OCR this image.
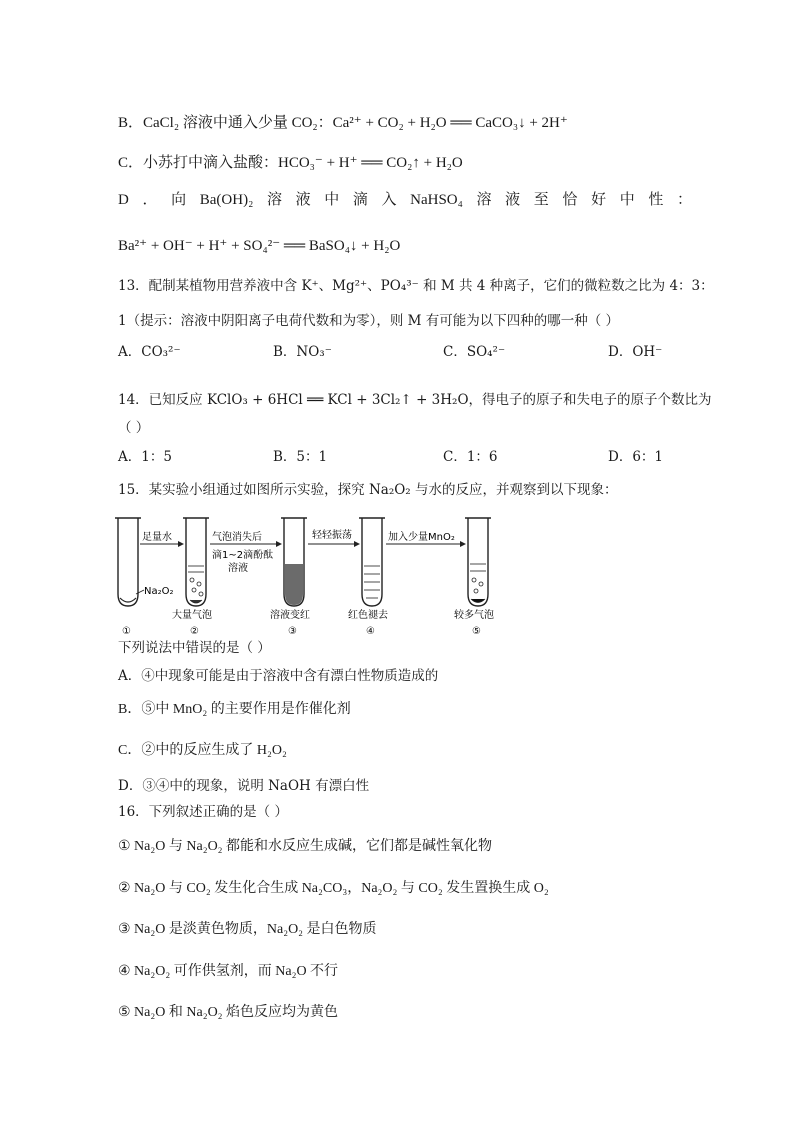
B．CaCl₂ 溶液中通入少量 CO₂：Ca²⁺ + CO₂ + H₂O ══ CaCO₃↓ + 2H⁺
C．小苏打中滴入盐酸：HCO₃⁻ + H⁺ ══ CO₂↑ + H₂O
D ． 向 Ba(OH)₂ 溶 液 中 滴 入 NaHSO₄ 溶 液 至 恰 好 中 性 ：
Ba²⁺ + OH⁻ + H⁺ + SO₄²⁻ ══ BaSO₄↓ + H₂O
13．配制某植物用营养液中含 K⁺、Mg²⁺、PO₄³⁻ 和 M 共 4 种离子，它们的微粒数之比为 4：3：
1（提示：溶液中阴阳离子电荷代数和为零），则 M 有可能为以下四种的哪一种（ ）
A．CO₃²⁻	B．NO₃⁻	C．SO₄²⁻	D．OH⁻
14．已知反应 KClO₃ + 6HCl ══ KCl + 3Cl₂↑ + 3H₂O，得电子的原子和失电子的原子个数比为
（ ）
A．1：5	B．5：1	C．1：6	D．6：1
15．某实验小组通过如图所示实验，探究 Na₂O₂ 与水的反应，并观察到以下现象：
Na₂O₂
足量水	气泡消失后
滴1~2滴酚酞
溶液
轻轻振荡	加入少量MnO₂
大量气泡	溶液变红	红色褪去	较多气泡
①	②	③	④	⑤
下列说法中错误的是（ ）
A．④中现象可能是由于溶液中含有漂白性物质造成的
B．⑤中 MnO₂ 的主要作用是作催化剂
C．②中的反应生成了 H₂O₂
D．③④中的现象，说明 NaOH 有漂白性
16．下列叙述正确的是（ ）
① Na₂O 与 Na₂O₂ 都能和水反应生成碱，它们都是碱性氧化物
② Na₂O 与 CO₂ 发生化合生成 Na₂CO₃，Na₂O₂ 与 CO₂ 发生置换生成 O₂
③ Na₂O 是淡黄色物质，Na₂O₂ 是白色物质
④ Na₂O₂ 可作供氢剂，而 Na₂O 不行
⑤ Na₂O 和 Na₂O₂ 焰色反应均为黄色
